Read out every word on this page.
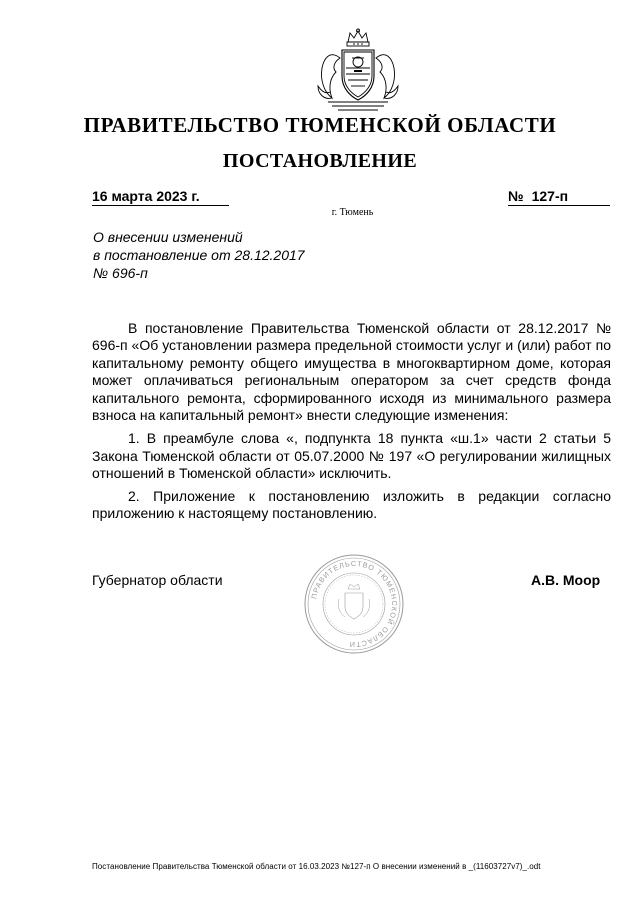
ПРАВИТЕЛЬСТВО ТЮМЕНСКОЙ ОБЛАСТИ
ПОСТАНОВЛЕНИЕ
16 марта 2023 г.	№ 127-п
г. Тюмень
О внесении изменений
в постановление от 28.12.2017
№ 696-п

В постановление Правительства Тюменской области от 28.12.2017 № 696-п «Об установлении размера предельной стоимости услуг и (или) работ по капитальному ремонту общего имущества в многоквартирном доме, которая может оплачиваться региональным оператором за счет средств фонда капитального ремонта, сформированного исходя из минимального размера взноса на капитальный ремонт» внести следующие изменения:

1. В преамбуле слова «, подпункта 18 пункта «ш.1» части 2 статьи 5 Закона Тюменской области от 05.07.2000 № 197 «О регулировании жилищных отношений в Тюменской области» исключить.

2. Приложение к постановлению изложить в редакции согласно приложению к настоящему постановлению.

Губернатор области
ПРАВИТЕЛЬСТВО ТЮМЕНСКОЙ ОБЛАСТИ
А.В. Моор
Постановление Правительства Тюменской области от 16.03.2023 №127-п О внесении изменений в _(11603727v7)_.odt
